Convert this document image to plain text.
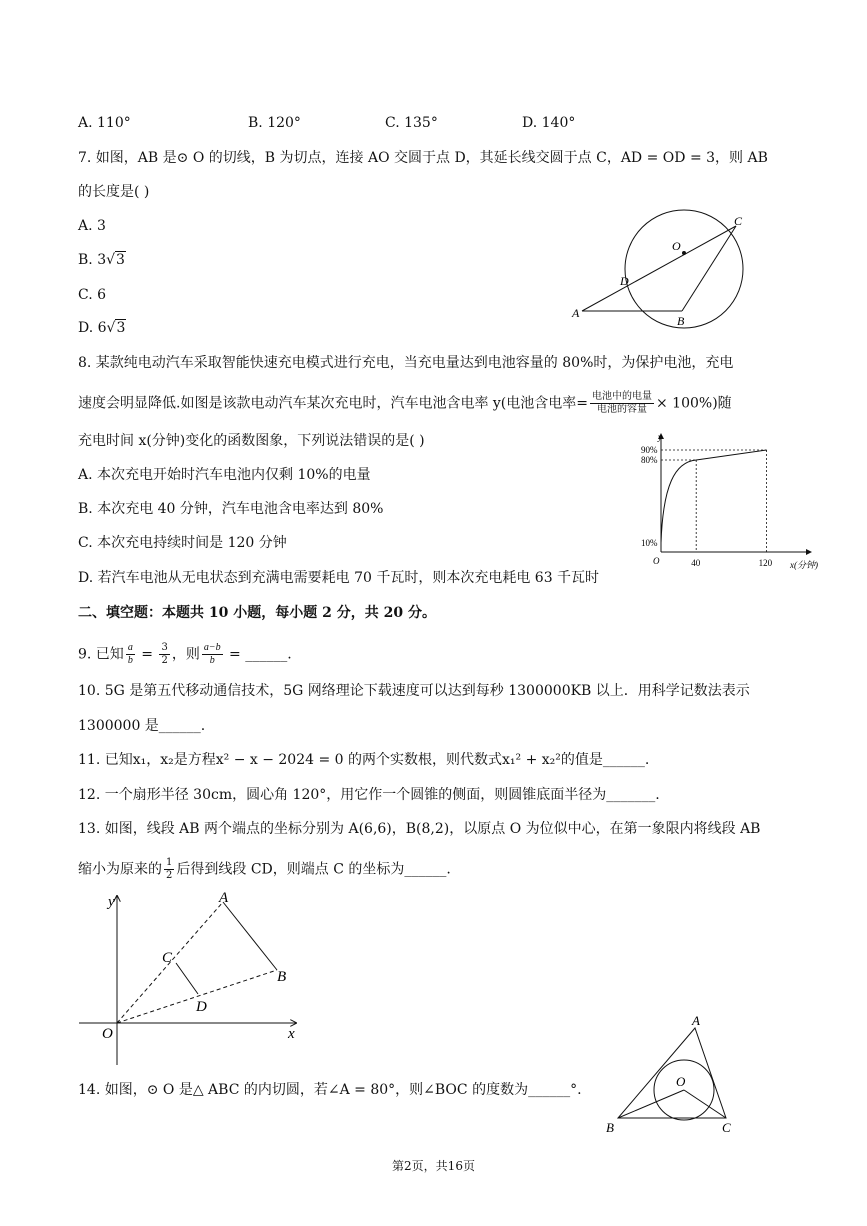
A. 110°	B. 120°	C. 135°	D. 140°
7. 如图，AB 是⊙ O 的切线，B 为切点，连接 AO 交圆于点 D，其延长线交圆于点 C，AD = OD = 3，则 AB
的长度是( )
A. 3
B. 3√3
C. 6
D. 6√3
O
C
D
A
B
8. 某款纯电动汽车采取智能快速充电模式进行充电，当充电量达到电池容量的 80%时，为保护电池，充电
速度会明显降低.如图是该款电动汽车某次充电时，汽车电池含电率 y(电池含电率= $\frac{\text{电池中的电量}}{\text{电池的容量}} \times 100\%$)随
充电时间 x(分钟)变化的函数图象，下列说法错误的是( )
A. 本次充电开始时汽车电池内仅剩 10%的电量
B. 本次充电 40 分钟，汽车电池含电率达到 80%
C. 本次充电持续时间是 120 分钟
D. 若汽车电池从无电状态到充满电需要耗电 70 千瓦时，则本次充电耗电 63 千瓦时
y
90%
80%
10%
O	40	120 x(分钟)
二、填空题：本题共 10 小题，每小题 2 分，共 20 分。
9. 已知 $\frac{a}{b} = \frac{3}{2}$ ，则 $\frac{a-b}{b}$ = ______.
10. 5G 是第五代移动通信技术，5G 网络理论下载速度可以达到每秒 1300000KB 以上．用科学记数法表示
1300000 是______.
11. 已知x₁，x₂是方程x² − x − 2024 = 0 的两个实数根，则代数式x₁² + x₂²的值是______.
12. 一个扇形半径 30cm，圆心角 120°，用它作一个圆锥的侧面，则圆锥底面半径为_______.
13. 如图，线段 AB 两个端点的坐标分别为 A(6,6)，B(8,2)，以原点 O 为位似中心，在第一象限内将线段 AB
缩小为原来的 $\frac{1}{2}$ 后得到线段 CD，则端点 C 的坐标为______.
y	A
C
B
D
O	x
14. 如图，⊙ O 是△ ABC 的内切圆，若∠A = 80°，则∠BOC 的度数为______°.
A
O
B	C
第2页，共16页
